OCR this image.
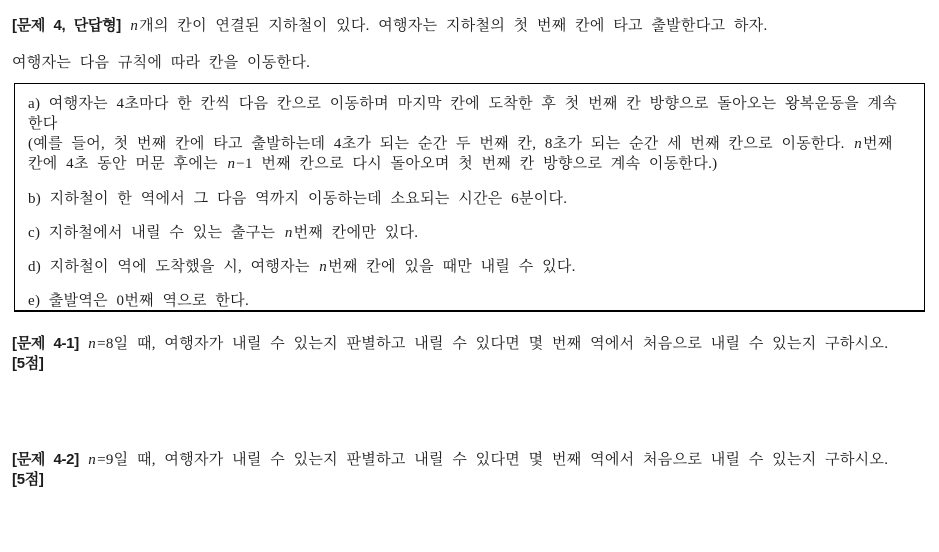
[문제 4, 단답형] n개의 칸이 연결된 지하철이 있다. 여행자는 지하철의 첫 번째 칸에 타고 출발한다고 하자.
여행자는 다음 규칙에 따라 칸을 이동한다.

a) 여행자는 4초마다 한 칸씩 다음 칸으로 이동하며 마지막 칸에 도착한 후 첫 번째 칸 방향으로 돌아오는 왕복운동을 계속한다
(예를 들어, 첫 번째 칸에 타고 출발하는데 4초가 되는 순간 두 번째 칸, 8초가 되는 순간 세 번째 칸으로 이동한다. n번째
칸에 4초 동안 머문 후에는 n−1 번째 칸으로 다시 돌아오며 첫 번째 칸 방향으로 계속 이동한다.)

b) 지하철이 한 역에서 그 다음 역까지 이동하는데 소요되는 시간은 6분이다.

c) 지하철에서 내릴 수 있는 출구는 n번째 칸에만 있다.

d) 지하철이 역에 도착했을 시, 여행자는 n번째 칸에 있을 때만 내릴 수 있다.

e) 출발역은 0번째 역으로 한다.

[문제 4-1] n=8일 때, 여행자가 내릴 수 있는지 판별하고 내릴 수 있다면 몇 번째 역에서 처음으로 내릴 수 있는지 구하시오.
[5점]
[문제 4-2] n=9일 때, 여행자가 내릴 수 있는지 판별하고 내릴 수 있다면 몇 번째 역에서 처음으로 내릴 수 있는지 구하시오.
[5점]
